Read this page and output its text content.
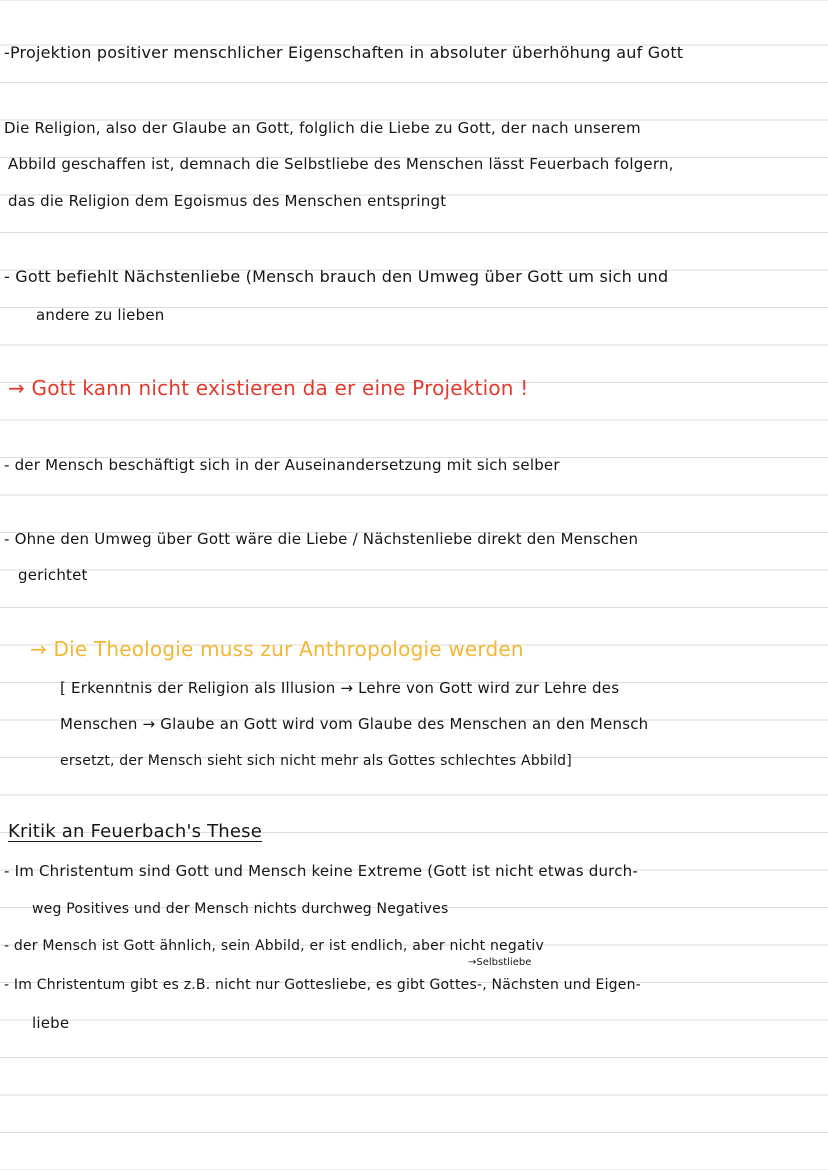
-Projektion positiver menschlicher Eigenschaften in absoluter überhöhung auf Gott
Die Religion, also der Glaube an Gott, folglich die Liebe zu Gott, der nach unserem
Abbild geschaffen ist, demnach die Selbstliebe des Menschen lässt Feuerbach folgern,
das die Religion dem Egoismus des Menschen entspringt
- Gott befiehlt Nächstenliebe (Mensch brauch den Umweg über Gott um sich und
andere zu lieben
→ Gott kann nicht existieren da er eine Projektion !
- der Mensch beschäftigt sich in der Auseinandersetzung mit sich selber
- Ohne den Umweg über Gott wäre die Liebe / Nächstenliebe direkt den Menschen
gerichtet
→ Die Theologie muss zur Anthropologie werden
[ Erkenntnis der Religion als Illusion → Lehre von Gott wird zur Lehre des
Menschen → Glaube an Gott wird vom Glaube des Menschen an den Mensch
ersetzt, der Mensch sieht sich nicht mehr als Gottes schlechtes Abbild]
Kritik an Feuerbach's These
- Im Christentum sind Gott und Mensch keine Extreme (Gott ist nicht etwas durch-
weg Positives und der Mensch nichts durchweg Negatives
- der Mensch ist Gott ähnlich, sein Abbild, er ist endlich, aber nicht negativ
→Selbstliebe
- Im Christentum gibt es z.B. nicht nur Gottesliebe, es gibt Gottes-, Nächsten und Eigen-
liebe
